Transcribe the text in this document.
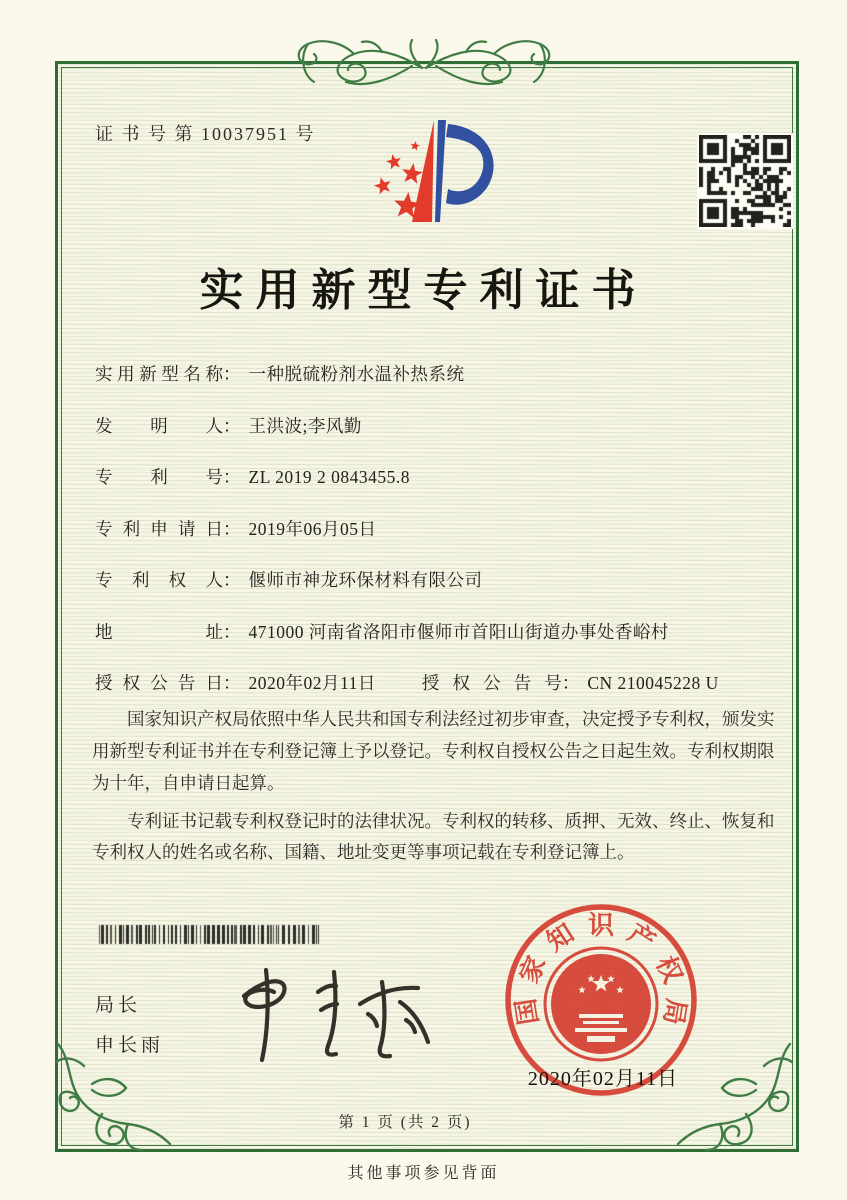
证 书 号 第 10037951 号
实用新型专利证书
实用新型名称： 一种脱硫粉剂水温补热系统
发明人： 王洪波;李风勤
专利号： ZL 2019 2 0843455.8
专利申请日： 2019年06月05日
专利权人： 偃师市神龙环保材料有限公司
地址： 471000 河南省洛阳市偃师市首阳山街道办事处香峪村
授权公告日： 2020年02月11日	授权公告号： CN 210045228 U

国家知识产权局依照中华人民共和国专利法经过初步审查，决定授予专利权，颁发实用新型专利证书并在专利登记簿上予以登记。专利权自授权公告之日起生效。专利权期限为十年，自申请日起算。

专利证书记载专利权登记时的法律状况。专利权的转移、质押、无效、终止、恢复和专利权人的姓名或名称、国籍、地址变更等事项记载在专利登记簿上。

局长
申长雨
国
家
知 识 产
权
局
2020年02月11日
第 1 页 (共 2 页)
其他事项参见背面
